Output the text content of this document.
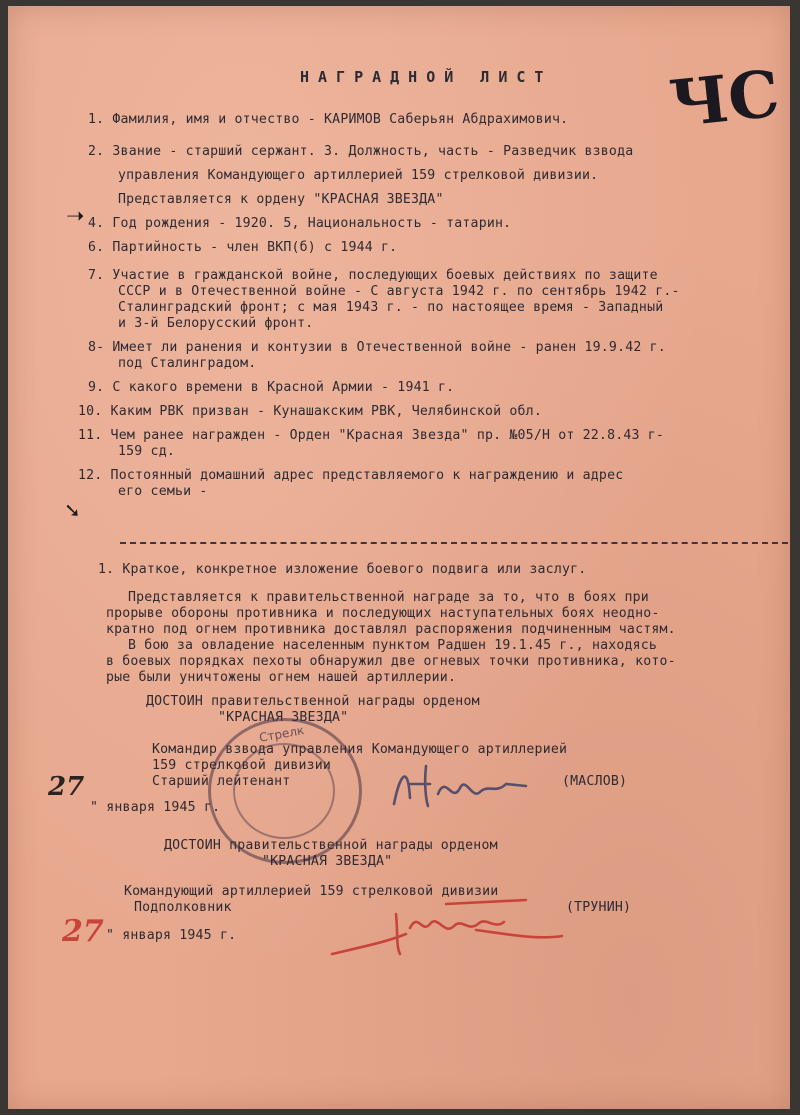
НАГРАДНОЙ ЛИСТ ЧС
1. Фамилия, имя и отчество - КАРИМОВ Саберьян Абдрахимович.
2. Звание - старший сержант. 3. Должность, часть - Разведчик взвода
управления Командующего артиллерией 159 стрелковой дивизии.
Представляется к ордену "КРАСНАЯ ЗВЕЗДА"
➝ 4. Год рождения - 1920. 5, Национальность - татарин.
6. Партийность - член ВКП(б) с 1944 г.
7. Участие в гражданской войне, последующих боевых действиях по защите
СССР и в Отечественной войне - С августа 1942 г. по сентябрь 1942 г.-
Сталинградский фронт; с мая 1943 г. - по настоящее время - Западный
и 3-й Белорусский фронт.
8- Имеет ли ранения и контузии в Отечественной войне - ранен 19.9.42 г.
под Сталинградом.
9. С какого времени в Красной Армии - 1941 г.
10. Каким РВК призван - Кунашакским РВК, Челябинской обл.
11. Чем ранее награжден - Орден "Красная Звезда" пр. №05/Н от 22.8.43 г-
159 сд.
12. Постоянный домашний адрес представляемого к награждению и адрес
его семьи -
➘
1. Краткое, конкретное изложение боевого подвига или заслуг.
Представляется к правительственной награде за то, что в боях при
прорыве обороны противника и последующих наступательных боях неодно-
кратно под огнем противника доставлял распоряжения подчиненным частям.
В бою за овладение населенным пунктом Радшен 19.1.45 г., находясь
в боевых порядках пехоты обнаружил две огневых точки противника, кото-
рые были уничтожены огнем нашей артиллерии.
ДОСТОИН правительственной награды орденом
"КРАСНАЯ ЗВЕЗДА"
Стрелк
Командир взвода управления Командующего артиллерией
159 стрелковой дивизии
Старший лейтенант	(МАСЛОВ)
27
" января 1945 г.
ДОСТОИН правительственной награды орденом
"КРАСНАЯ ЗВЕЗДА"
Командующий артиллерией 159 стрелковой дивизии
Подполковник	(ТРУНИН)
27 " января 1945 г.
